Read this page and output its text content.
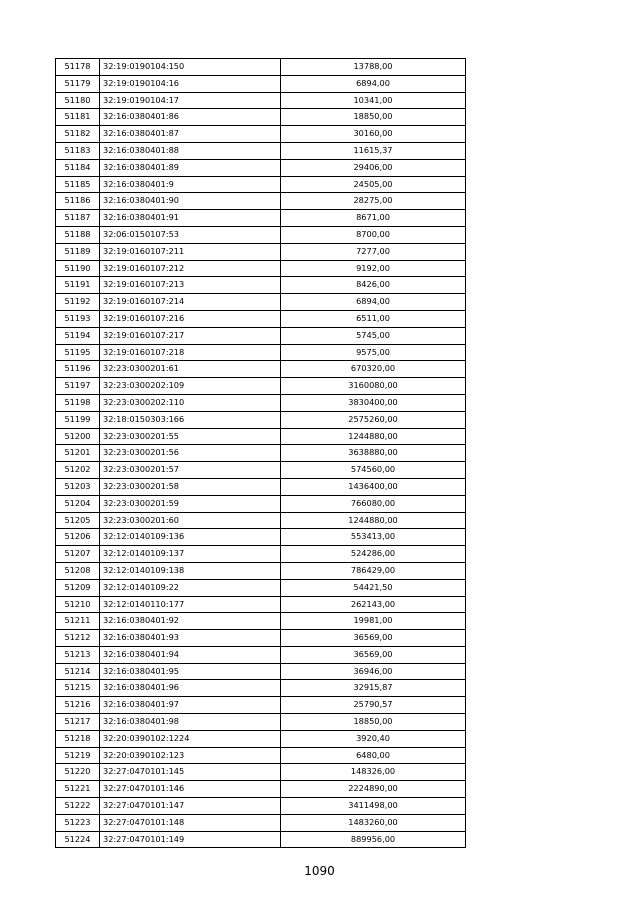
51178	32:19:0190104:150	13788,00
51179	32:19:0190104:16	6894,00
51180	32:19:0190104:17	10341,00
51181	32:16:0380401:86	18850,00
51182	32:16:0380401:87	30160,00
51183	32:16:0380401:88	11615,37
51184	32:16:0380401:89	29406,00
51185	32:16:0380401:9	24505,00
51186	32:16:0380401:90	28275,00
51187	32:16:0380401:91	8671,00
51188	32:06:0150107:53	8700,00
51189	32:19:0160107:211	7277,00
51190	32:19:0160107:212	9192,00
51191	32:19:0160107:213	8426,00
51192	32:19:0160107:214	6894,00
51193	32:19:0160107:216	6511,00
51194	32:19:0160107:217	5745,00
51195	32:19:0160107:218	9575,00
51196	32:23:0300201:61	670320,00
51197	32:23:0300202:109	3160080,00
51198	32:23:0300202:110	3830400,00
51199	32:18:0150303:166	2575260,00
51200	32:23:0300201:55	1244880,00
51201	32:23:0300201:56	3638880,00
51202	32:23:0300201:57	574560,00
51203	32:23:0300201:58	1436400,00
51204	32:23:0300201:59	766080,00
51205	32:23:0300201:60	1244880,00
51206	32:12:0140109:136	553413,00
51207	32:12:0140109:137	524286,00
51208	32:12:0140109:138	786429,00
51209	32:12:0140109:22	54421,50
51210	32:12:0140110:177	262143,00
51211	32:16:0380401:92	19981,00
51212	32:16:0380401:93	36569,00
51213	32:16:0380401:94	36569,00
51214	32:16:0380401:95	36946,00
51215	32:16:0380401:96	32915,87
51216	32:16:0380401:97	25790,57
51217	32:16:0380401:98	18850,00
51218	32:20:0390102:1224	3920,40
51219	32:20:0390102:123	6480,00
51220	32:27:0470101:145	148326,00
51221	32:27:0470101:146	2224890,00
51222	32:27:0470101:147	3411498,00
51223	32:27:0470101:148	1483260,00
51224	32:27:0470101:149	889956,00
1090
